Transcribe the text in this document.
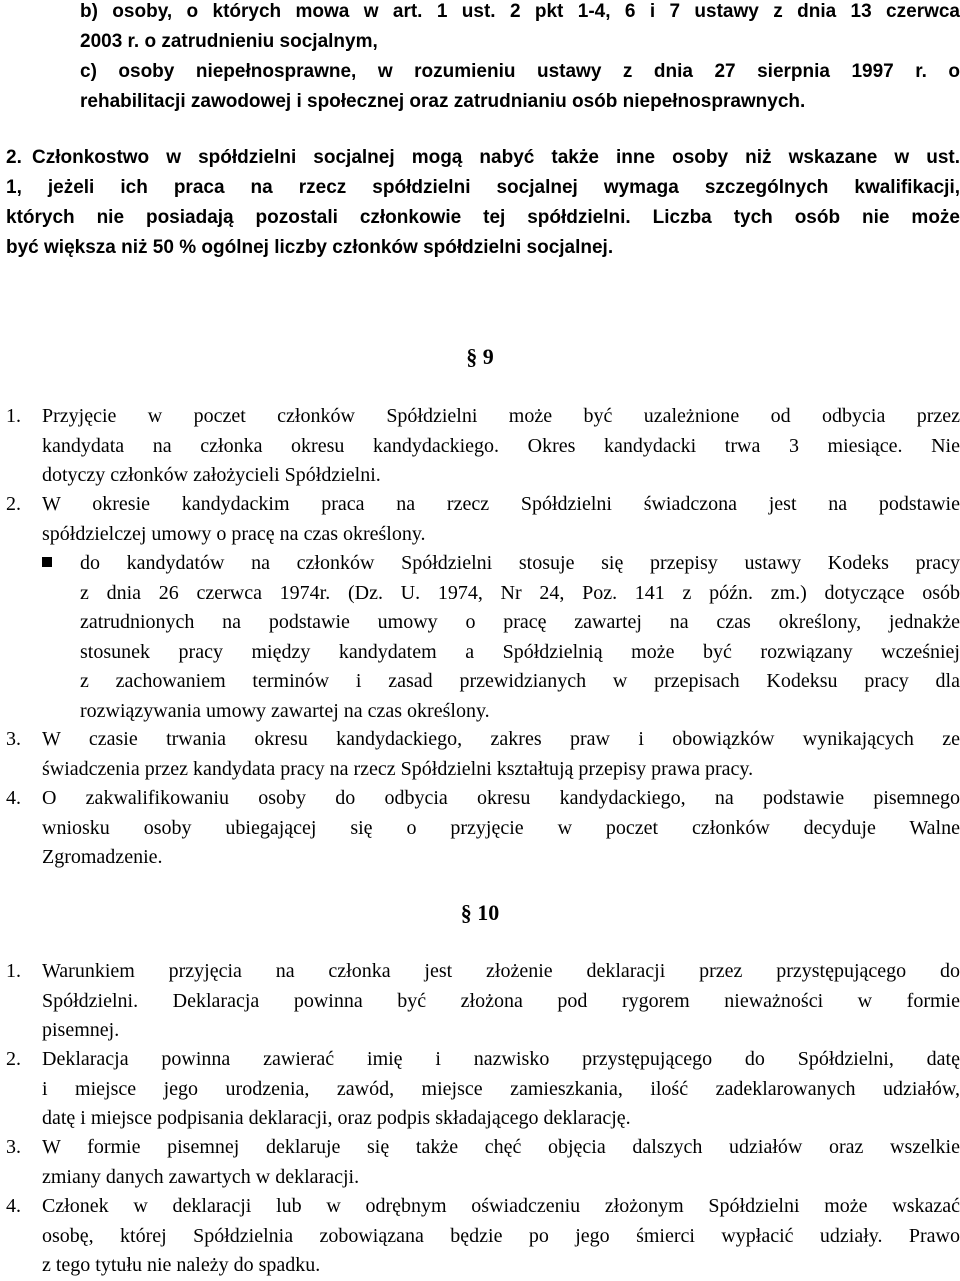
b) osoby, o których mowa w art. 1 ust. 2 pkt 1-4, 6 i 7 ustawy z dnia 13 czerwca
2003 r. o zatrudnieniu socjalnym,
c) osoby niepełnosprawne, w rozumieniu ustawy z dnia 27 sierpnia 1997 r. o
rehabilitacji zawodowej i społecznej oraz zatrudnianiu osób niepełnosprawnych.
2. Członkostwo w spółdzielni socjalnej mogą nabyć także inne osoby niż wskazane w ust.
1, jeżeli ich praca na rzecz spółdzielni socjalnej wymaga szczególnych kwalifikacji,
których nie posiadają pozostali członkowie tej spółdzielni. Liczba tych osób nie może
być większa niż 50 % ogólnej liczby członków spółdzielni socjalnej.
§ 9
1. Przyjęcie w poczet członków Spółdzielni może być uzależnione od odbycia przez
kandydata na członka okresu kandydackiego. Okres kandydacki trwa 3 miesiące. Nie
dotyczy członków założycieli Spółdzielni.
2. W okresie kandydackim praca na rzecz Spółdzielni świadczona jest na podstawie
spółdzielczej umowy o pracę na czas określony.
do kandydatów na członków Spółdzielni stosuje się przepisy ustawy Kodeks pracy
z dnia 26 czerwca 1974r. (Dz. U. 1974, Nr 24, Poz. 141 z późn. zm.) dotyczące osób
zatrudnionych na podstawie umowy o pracę zawartej na czas określony, jednakże
stosunek pracy między kandydatem a Spółdzielnią może być rozwiązany wcześniej
z zachowaniem terminów i zasad przewidzianych w przepisach Kodeksu pracy dla
rozwiązywania umowy zawartej na czas określony.
3. W czasie trwania okresu kandydackiego, zakres praw i obowiązków wynikających ze
świadczenia przez kandydata pracy na rzecz Spółdzielni kształtują przepisy prawa pracy.
4. O zakwalifikowaniu osoby do odbycia okresu kandydackiego, na podstawie pisemnego
wniosku osoby ubiegającej się o przyjęcie w poczet członków decyduje Walne
Zgromadzenie.
§ 10
1. Warunkiem przyjęcia na członka jest złożenie deklaracji przez przystępującego do
Spółdzielni. Deklaracja powinna być złożona pod rygorem nieważności w formie
pisemnej.
2. Deklaracja powinna zawierać imię i nazwisko przystępującego do Spółdzielni, datę
i miejsce jego urodzenia, zawód, miejsce zamieszkania, ilość zadeklarowanych udziałów,
datę i miejsce podpisania deklaracji, oraz podpis składającego deklarację.
3. W formie pisemnej deklaruje się także chęć objęcia dalszych udziałów oraz wszelkie
zmiany danych zawartych w deklaracji.
4. Członek w deklaracji lub w odrębnym oświadczeniu złożonym Spółdzielni może wskazać
osobę, której Spółdzielnia zobowiązana będzie po jego śmierci wypłacić udziały. Prawo
z tego tytułu nie należy do spadku.
